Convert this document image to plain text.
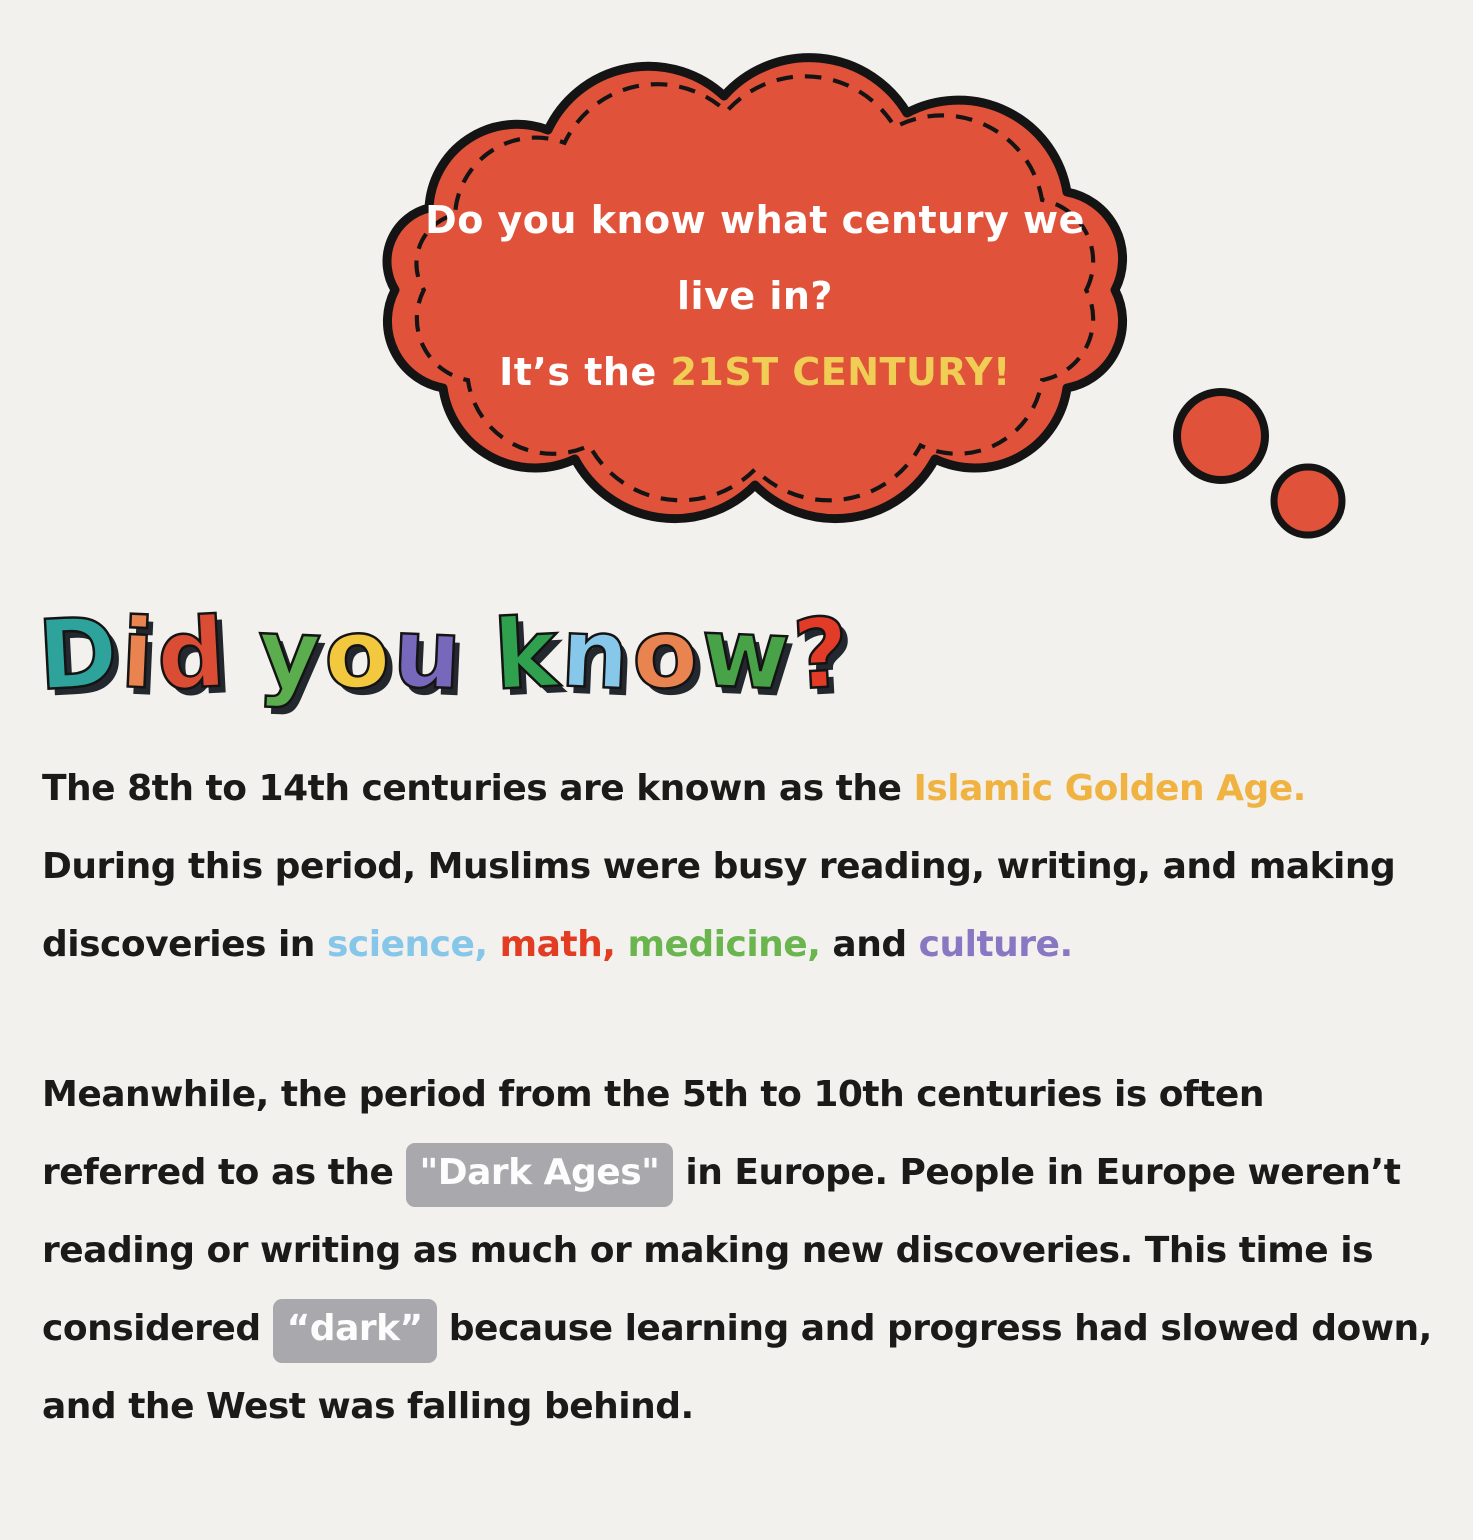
Do you know what century we
live in?
It’s the 21ST CENTURY!
Did you know?

The 8th to 14th centuries are known as the Islamic Golden Age.
During this period, Muslims were busy reading, writing, and making
discoveries in science, math, medicine, and culture.

Meanwhile, the period from the 5th to 10th centuries is often
referred to as the "Dark Ages" in Europe. People in Europe weren’t
reading or writing as much or making new discoveries. This time is
considered “dark” because learning and progress had slowed down,
and the West was falling behind.
